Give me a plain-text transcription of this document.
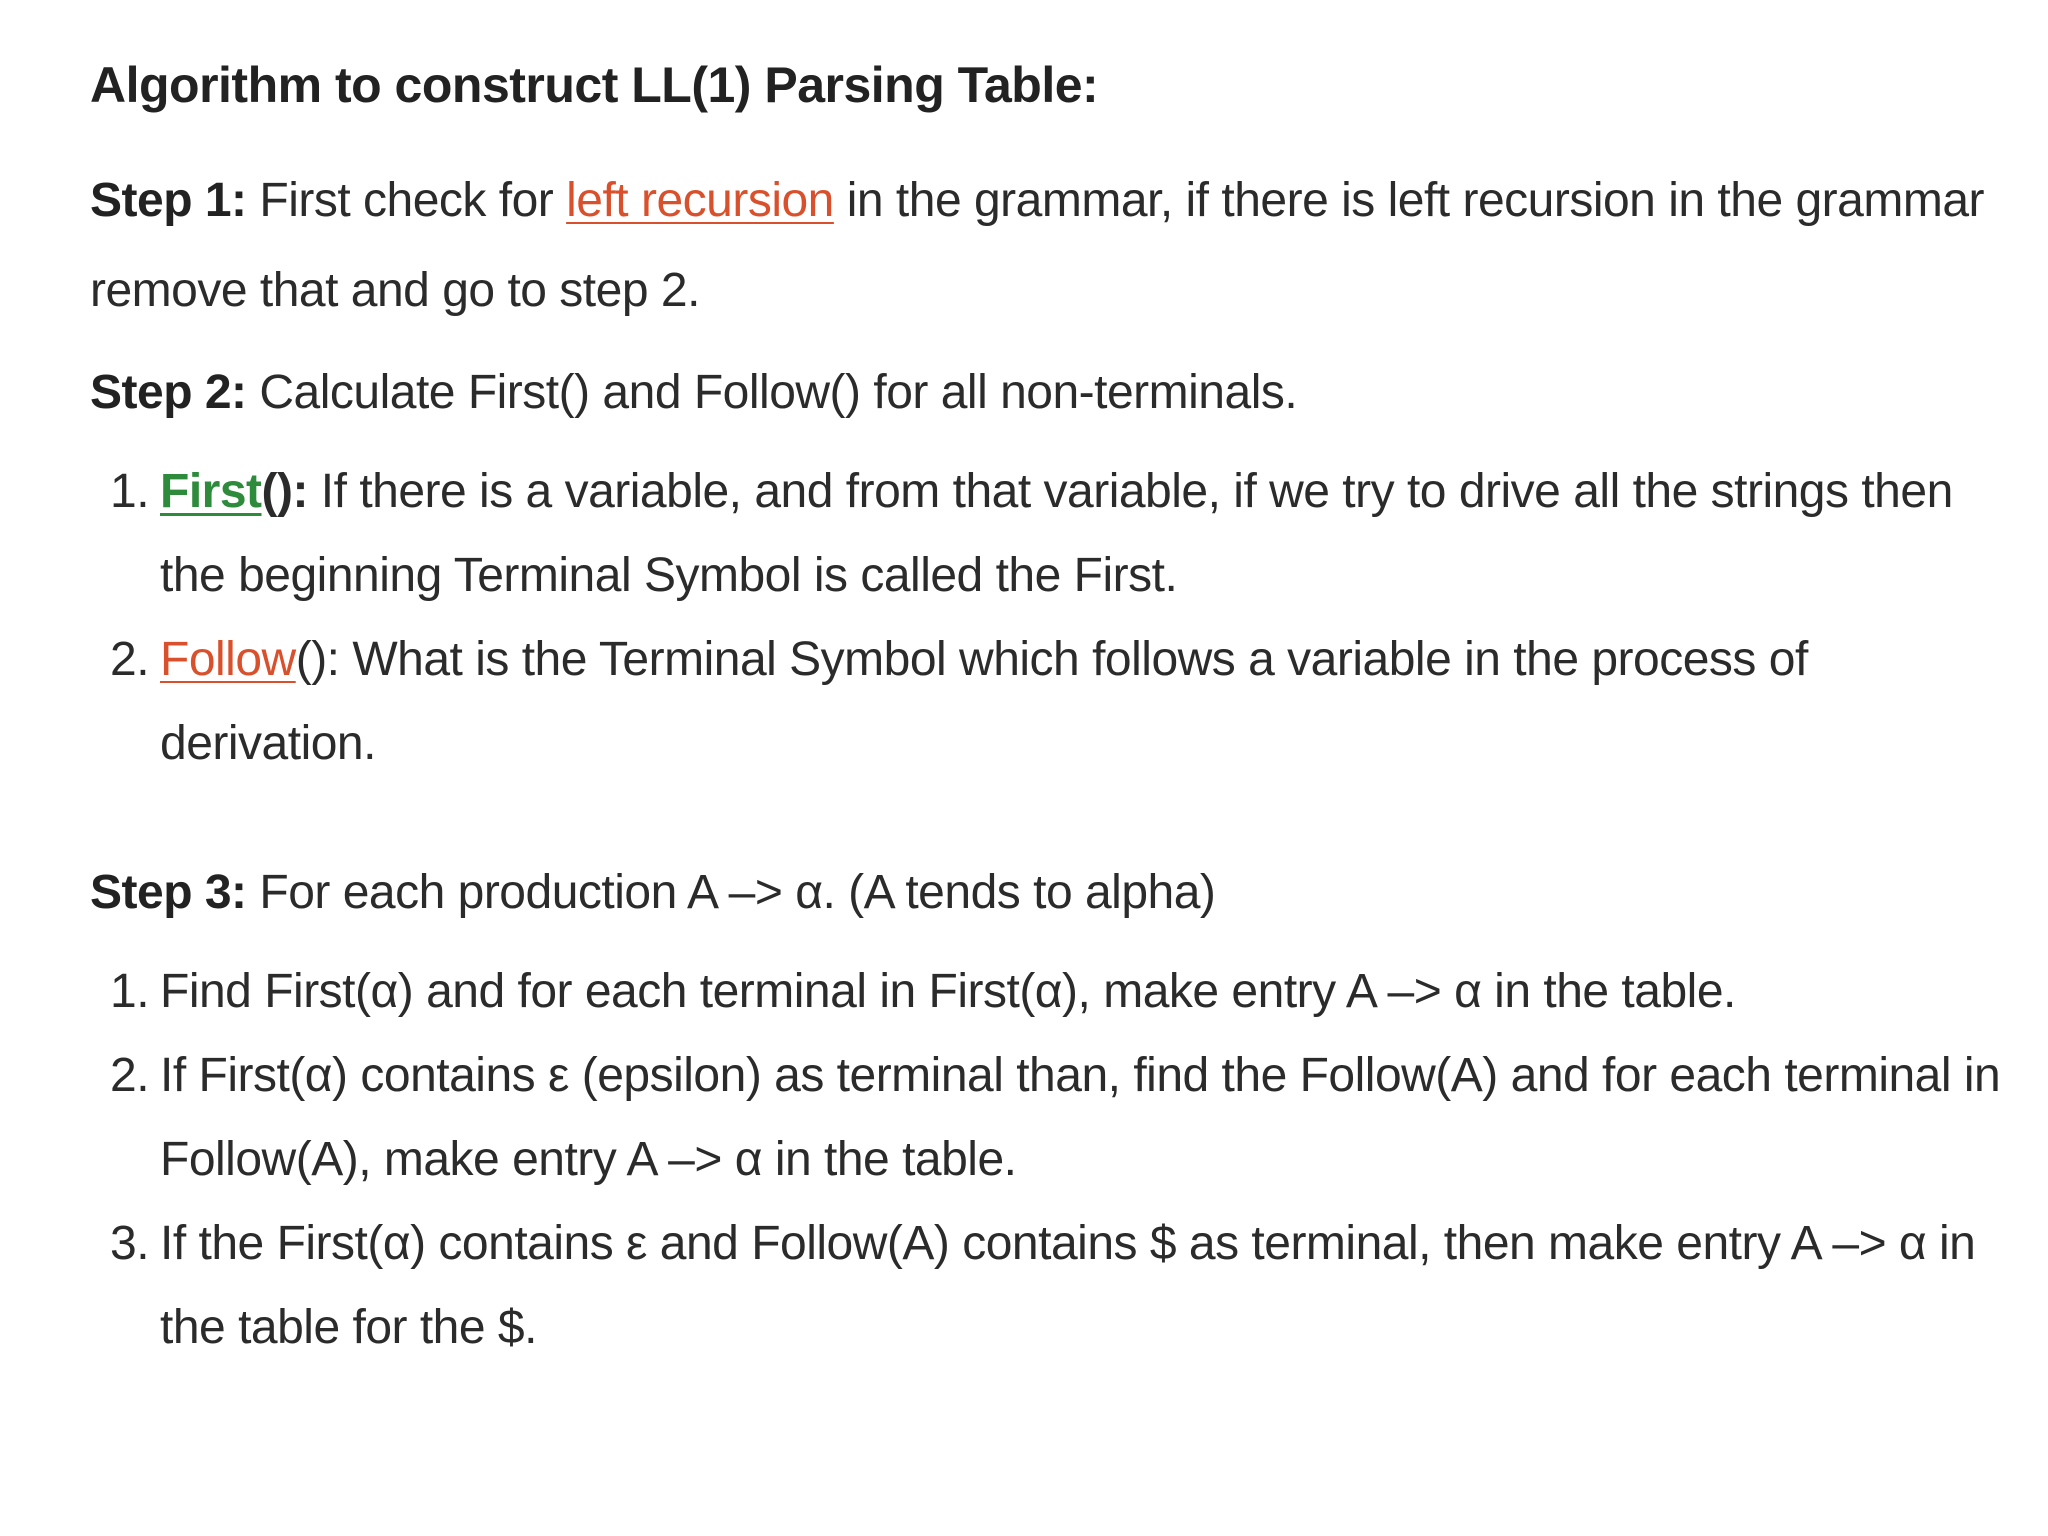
Algorithm to construct LL(1) Parsing Table:

Step 1: First check for left recursion in the grammar, if there is left recursion in the grammar remove that and go to step 2.

Step 2: Calculate First() and Follow() for all non-terminals.

1. First(): If there is a variable, and from that variable, if we try to drive all the strings then the beginning Terminal Symbol is called the First.
2. Follow(): What is the Terminal Symbol which follows a variable in the process of derivation.

Step 3: For each production A –> α. (A tends to alpha)

1. Find First(α) and for each terminal in First(α), make entry A –> α in the table.
2. If First(α) contains ε (epsilon) as terminal than, find the Follow(A) and for each terminal in Follow(A), make entry A –> α in the table.
3. If the First(α) contains ε and Follow(A) contains $ as terminal, then make entry A –> α in the table for the $.
